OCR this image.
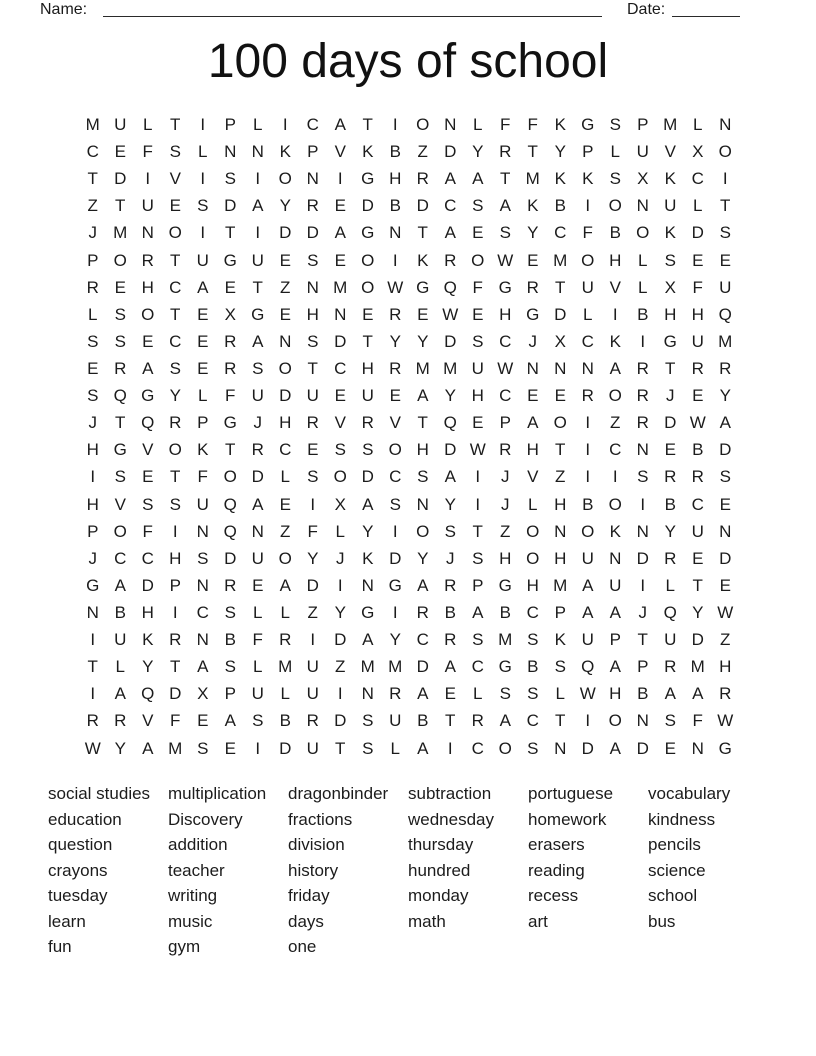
Name:	Date:
100 days of school
M U L	T	I	P	L	I	C A T	I	O N L	F	F K G S P M L N
C E F S	L N N K P V K B Z D Y R T Y P	L U V X O
T D	I	V	I	S	I	O N	I	G H R A A T M K K S X K C	I
Z	T U E S D A Y R E D B D C S A K B	I	O N U L	T
J M N O	I	T	I	D D A G N T A E S Y C F B O K D S
P O R T U G U E S E O	I	K R O W E M O H L	S E E
R E H C A E T	Z N M O W G Q F G R T U V	L	X F U
L	S O T E X G E H N E R E W E H G D L	I	B H H Q
S S E C E R A N S D T Y Y D S C	J	X C K	I	G U M
E R A S E R S O T C H R M M U W N N N A R T R R
S Q G Y	L	F U D U E U E A Y H C E E R O R	J	E Y
J	T Q R P G J	H R V R V T Q E P A O	I	Z R D W A
H G V O K T R C E S S O H D W R H T	I	C N E B D
I	S E T	F O D L	S O D C S A	I	J	V Z	I	I	S R R S
H V S S U Q A E	I	X A S N Y	I	J	L H B O	I	B C E
P O F	I	N Q N Z	F	L	Y	I	O S T	Z O N O K N Y U N
J	C C H S D U O Y	J	K D Y	J	S H O H U N D R E D
G A D P N R E A D	I	N G A R P G H M A U	I	L	T E
N B H	I	C S	L	L	Z Y G	I	R B A B C P A A	J Q Y W
I	U K R N B F R	I	D A Y C R S M S K U P T U D Z
T	L	Y T A S	L M U Z M M D A C G B S Q A P R M H
I	A Q D X P U L U	I	N R A E	L	S S	L W H B A A R
R R V F E A S B R D S U B T R A C T	I	O N S F W
W Y A M S E	I	D U T S	L	A	I	C O S N D A D E N G
social studies
education
question
crayons
tuesday
learn
fun
multiplication
Discovery
addition
teacher
writing
music
gym
dragonbinder
fractions
division
history
friday
days
one
subtraction
wednesday
thursday
hundred
monday
math
portuguese
homework
erasers
reading
recess
art
vocabulary
kindness
pencils
science
school
bus
